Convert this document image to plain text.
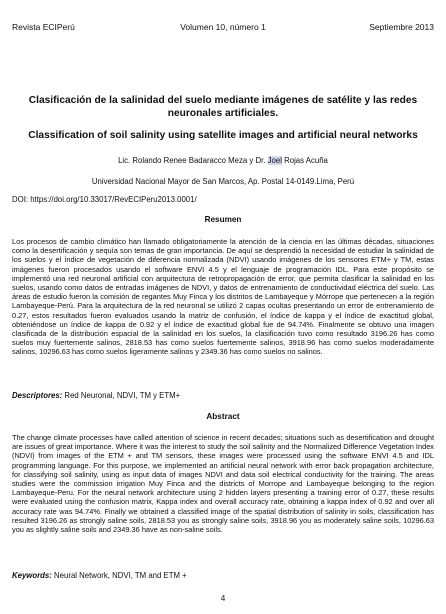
Revista ECIPerú	Volumen 10, número 1	Septiembre 2013
Clasificación de la salinidad del suelo mediante imágenes de satélite y las redes neuronales artificiales.
Classification of soil salinity using satellite images and artificial neural networks
Lic. Rolando Renee Badaracco Meza y Dr. Joel Rojas Acuña
Universidad Nacional Mayor de San Marcos, Ap. Postal 14-0149.Lima, Perú
DOI: https://doi.org/10.33017/RevECIPeru2013.0001/
Resumen
Los procesos de cambio climático han llamado obligatoriamente la atención de la ciencia en las últimas décadas, situaciones como la desertificación y sequía son temas de gran importancia. De aquí se desprendió la necesidad de estudiar la salinidad de los suelos y el índice de vegetación de diferencia normalizada (NDVI) usando imágenes de los sensores ETM+ y TM, estas imágenes fueron procesados usando el software ENVI 4.5 y el lenguaje de programación IDL. Para este propósito se implementó una red neuronal artificial con arquitectura de retropropagación de error, que permita clasificar la salinidad en los suelos, usando como datos de entradas imágenes de NDVI, y datos de entrenamiento de conductividad eléctrica del suelo. Las áreas de estudio fueron la comisión de regantes Muy Finca y los distritos de Lambayeque y Mórrope que pertenecen a la región Lambayeque-Perú. Para la arquitectura de la red neuronal se utilizó 2 capas ocultas presentando un error de entrenamiento de 0.27, estos resultados fueron evaluados usando la matriz de confusión, el índice de kappa y el índice de exactitud global, obteniéndose un índice de kappa de 0.92 y el índice de exactitud global fue de 94.74%. Finalmente se obtuvo una imagen clasificada de la distribución espacial de la salinidad en los suelos, la clasificación tuvo como resultado 3196.26 has como suelos muy fuertemente salinos, 2818.53 has como suelos fuertemente salinos, 3918.96 has como suelos moderadamente salinos, 10296.63 has como suelos ligeramente salinos y 2349.36 has como suelos no salinos.
Descriptores: Red Neuronal, NDVI, TM y ETM+
Abstract
The change climate processes have called attention of science in recent decades; situations such as desertification and drought are issues of great importance. Where it was the interest to study the soil salinity and the Normalized Difference Vegetation Index (NDVI) from images of the ETM + and TM sensors, these images were processed using the software ENVI 4.5 and IDL programming language. For this purpose, we implemented an artificial neural network with error back propagation architecture, for classifying soil salinity, using as input data of images NDVI and data soil electrical conductivity for the training. The areas studies were the commission irrigation Muy Finca and the districts of Morrope and Lambayeque belonging to the region Lambayeque-Peru. For the neural network architecture using 2 hidden layers presenting a training error of 0.27, these results were evaluated using the confusion matrix, Kappa index and overall accuracy rate, obtaining a kappa index of 0.92 and over all accuracy rate was 94.74%. Finally we obtained a classified image of the spatial distribution of salinity in soils, classification has resulted 3196.26 as strongly saline soils, 2818.53 you as strongly saline soils, 3918.96 you as moderately saline soils, 10296.63 you as slightly saline soils and 2349.36 have as non-saline soils.
Keywords: Neural Network, NDVI, TM and ETM +
4
